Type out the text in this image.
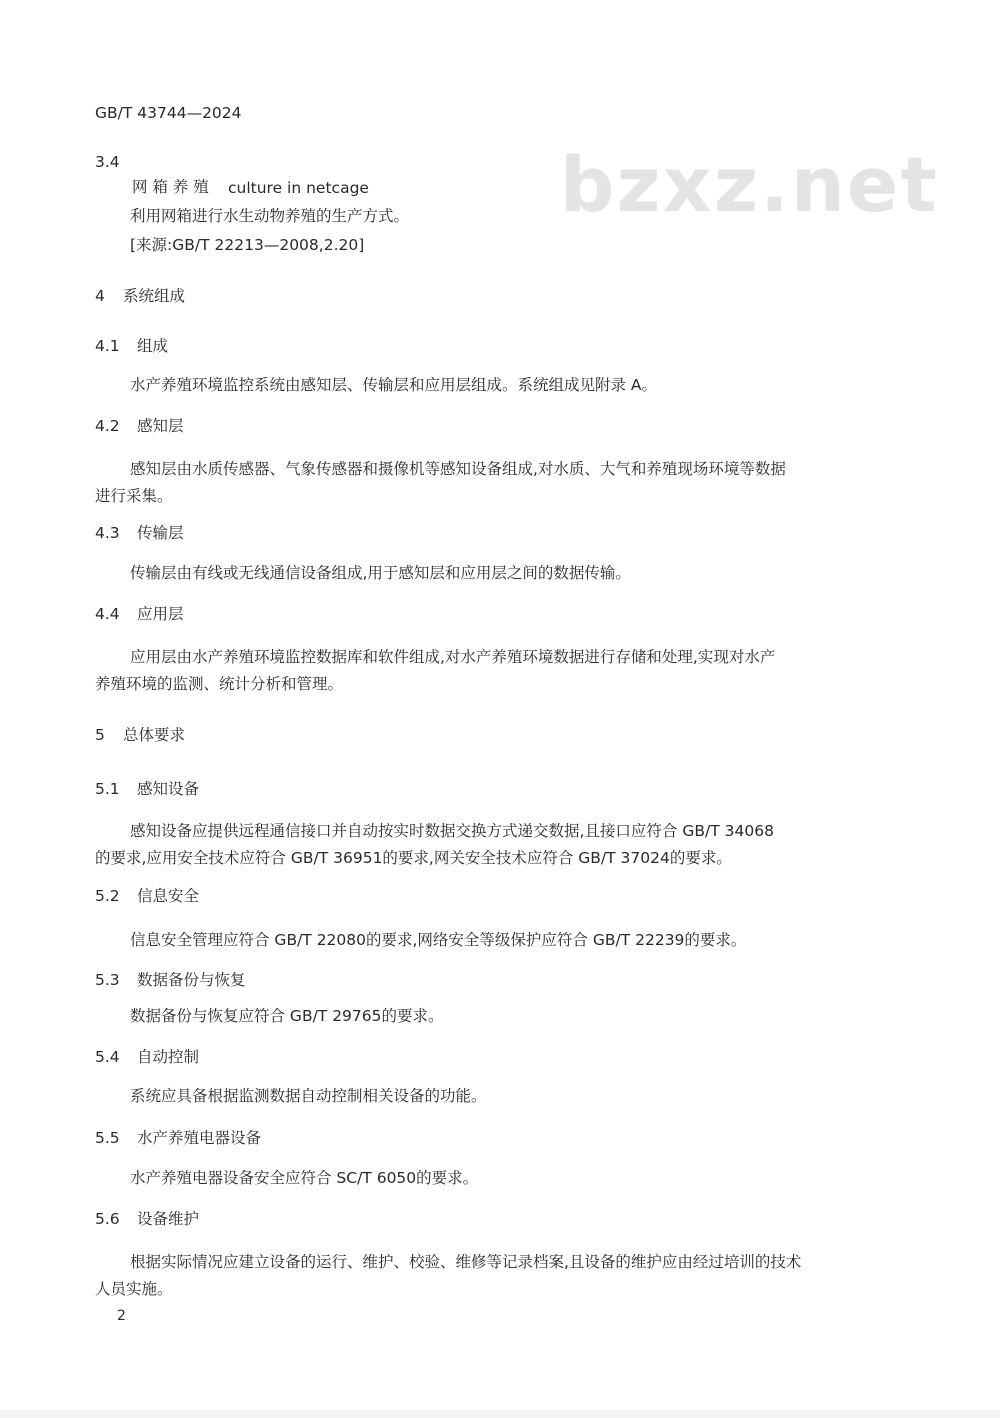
bzxz.net
GB/T 43744—2024
3.4
网 箱 养 殖 culture in netcage
利用网箱进行水生动物养殖的生产方式。
[来源:GB/T 22213—2008,2.20]
4 系统组成
4.1 组成
水产养殖环境监控系统由感知层、传输层和应用层组成。系统组成见附录 A。
4.2 感知层
感知层由水质传感器、气象传感器和摄像机等感知设备组成,对水质、大气和养殖现场环境等数据
进行采集。
4.3 传输层
传输层由有线或无线通信设备组成,用于感知层和应用层之间的数据传输。
4.4 应用层
应用层由水产养殖环境监控数据库和软件组成,对水产养殖环境数据进行存储和处理,实现对水产
养殖环境的监测、统计分析和管理。
5 总体要求
5.1 感知设备
感知设备应提供远程通信接口并自动按实时数据交换方式递交数据,且接口应符合 GB/T 34068
的要求,应用安全技术应符合 GB/T 36951的要求,网关安全技术应符合 GB/T 37024的要求。
5.2 信息安全
信息安全管理应符合 GB/T 22080的要求,网络安全等级保护应符合 GB/T 22239的要求。
5.3 数据备份与恢复
数据备份与恢复应符合 GB/T 29765的要求。
5.4 自动控制
系统应具备根据监测数据自动控制相关设备的功能。
5.5 水产养殖电器设备
水产养殖电器设备安全应符合 SC/T 6050的要求。
5.6 设备维护
根据实际情况应建立设备的运行、维护、校验、维修等记录档案,且设备的维护应由经过培训的技术
人员实施。
2
